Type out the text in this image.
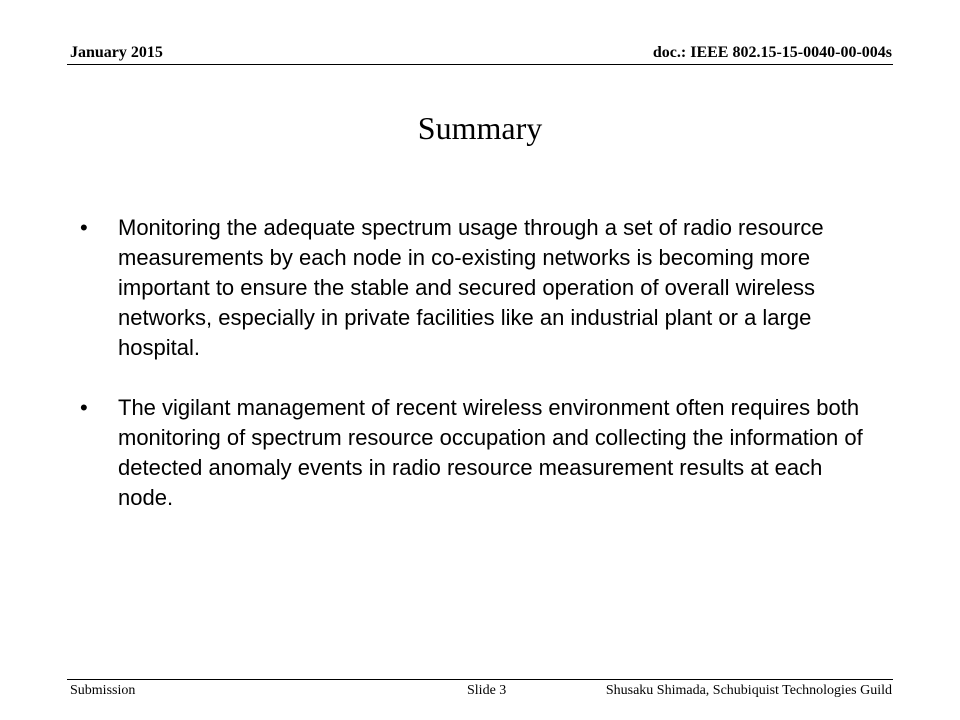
January 2015	doc.: IEEE 802.15-15-0040-00-004s
Summary
• Monitoring the adequate spectrum usage through a set of radio resource measurements by each node in co-existing networks is becoming more important to ensure the stable and secured operation of overall wireless networks, especially in private facilities like an industrial plant or a large hospital.
• The vigilant management of recent wireless environment often requires both monitoring of spectrum resource occupation and collecting the information of detected anomaly events in radio resource measurement results at each node.
Submission	Slide 3	Shusaku Shimada, Schubiquist Technologies Guild
